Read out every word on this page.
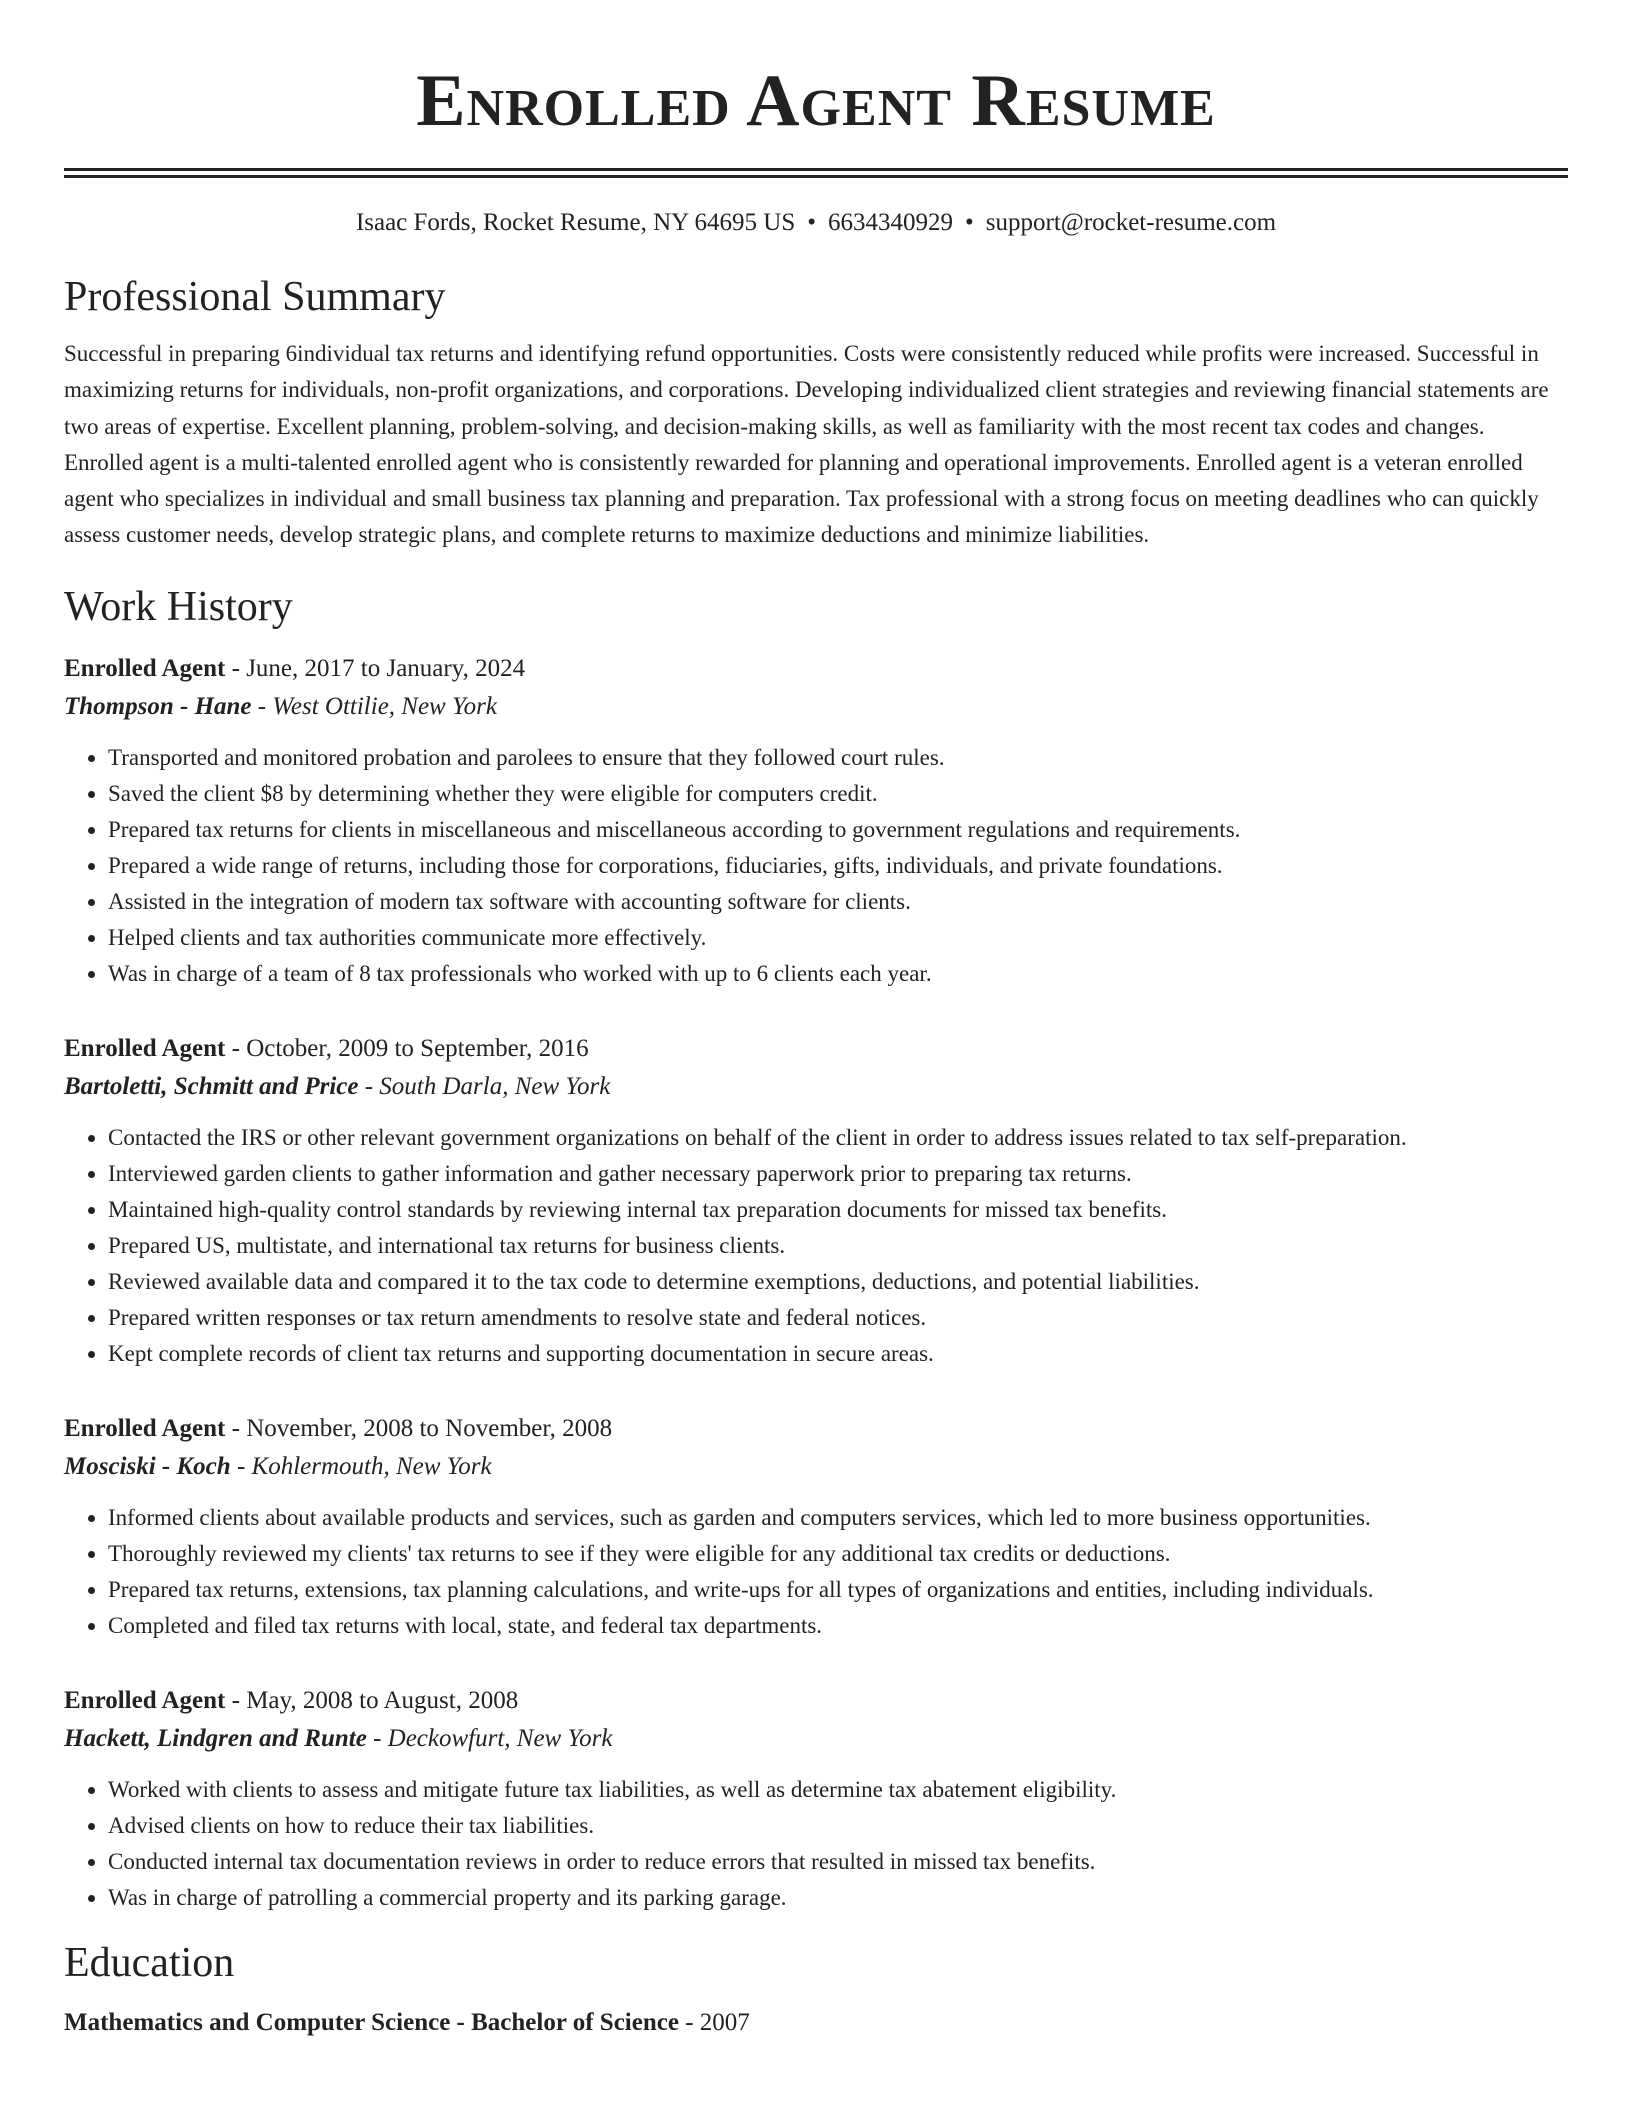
Enrolled Agent Resume
Isaac Fords, Rocket Resume, NY 64695 US • 6634340929 • support@rocket-resume.com
Professional Summary
Successful in preparing 6individual tax returns and identifying refund opportunities. Costs were consistently reduced while profits were increased. Successful in maximizing returns for individuals, non-profit organizations, and corporations. Developing individualized client strategies and reviewing financial statements are two areas of expertise. Excellent planning, problem-solving, and decision-making skills, as well as familiarity with the most recent tax codes and changes. Enrolled agent is a multi-talented enrolled agent who is consistently rewarded for planning and operational improvements. Enrolled agent is a veteran enrolled agent who specializes in individual and small business tax planning and preparation. Tax professional with a strong focus on meeting deadlines who can quickly assess customer needs, develop strategic plans, and complete returns to maximize deductions and minimize liabilities.
Work History
Enrolled Agent - June, 2017 to January, 2024
Thompson - Hane - West Ottilie, New York
• Transported and monitored probation and parolees to ensure that they followed court rules.
• Saved the client $8 by determining whether they were eligible for computers credit.
• Prepared tax returns for clients in miscellaneous and miscellaneous according to government regulations and requirements.
• Prepared a wide range of returns, including those for corporations, fiduciaries, gifts, individuals, and private foundations.
• Assisted in the integration of modern tax software with accounting software for clients.
• Helped clients and tax authorities communicate more effectively.
• Was in charge of a team of 8 tax professionals who worked with up to 6 clients each year.
Enrolled Agent - October, 2009 to September, 2016
Bartoletti, Schmitt and Price - South Darla, New York
• Contacted the IRS or other relevant government organizations on behalf of the client in order to address issues related to tax self-preparation.
• Interviewed garden clients to gather information and gather necessary paperwork prior to preparing tax returns.
• Maintained high-quality control standards by reviewing internal tax preparation documents for missed tax benefits.
• Prepared US, multistate, and international tax returns for business clients.
• Reviewed available data and compared it to the tax code to determine exemptions, deductions, and potential liabilities.
• Prepared written responses or tax return amendments to resolve state and federal notices.
• Kept complete records of client tax returns and supporting documentation in secure areas.
Enrolled Agent - November, 2008 to November, 2008
Mosciski - Koch - Kohlermouth, New York
• Informed clients about available products and services, such as garden and computers services, which led to more business opportunities.
• Thoroughly reviewed my clients' tax returns to see if they were eligible for any additional tax credits or deductions.
• Prepared tax returns, extensions, tax planning calculations, and write-ups for all types of organizations and entities, including individuals.
• Completed and filed tax returns with local, state, and federal tax departments.
Enrolled Agent - May, 2008 to August, 2008
Hackett, Lindgren and Runte - Deckowfurt, New York
• Worked with clients to assess and mitigate future tax liabilities, as well as determine tax abatement eligibility.
• Advised clients on how to reduce their tax liabilities.
• Conducted internal tax documentation reviews in order to reduce errors that resulted in missed tax benefits.
• Was in charge of patrolling a commercial property and its parking garage.
Education
Mathematics and Computer Science - Bachelor of Science - 2007
